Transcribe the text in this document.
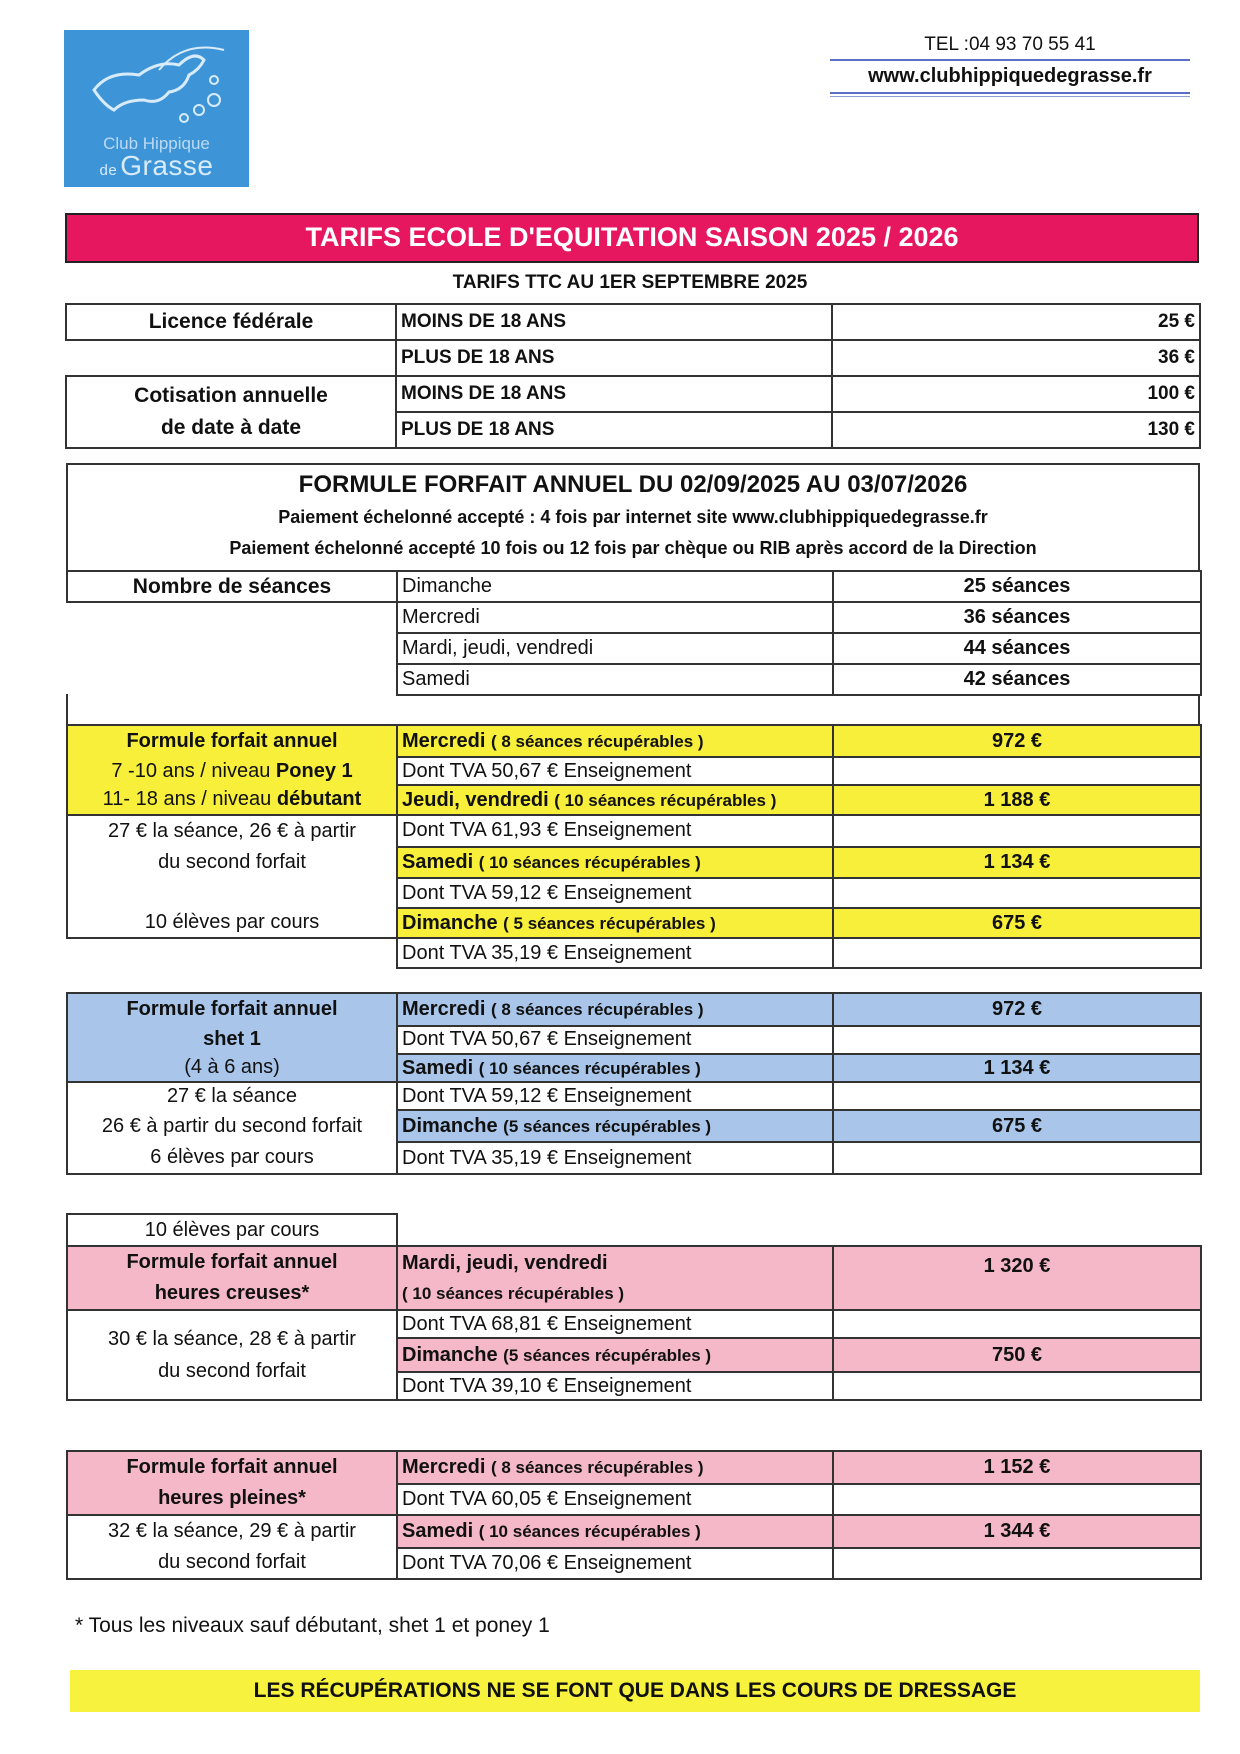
Club Hippique
de Grasse
TEL :04 93 70 55 41
www.clubhippiquedegrasse.fr
TARIFS ECOLE D'EQUITATION SAISON 2025 / 2026
TARIFS TTC AU 1ER SEPTEMBRE 2025
Licence fédérale	MOINS DE 18 ANS	25 €
	PLUS DE 18 ANS	36 €
Cotisation annuelle
de date à date	MOINS DE 18 ANS	100 €
	PLUS DE 18 ANS	130 €
FORMULE FORFAIT ANNUEL DU 02/09/2025 AU 03/07/2026
Paiement échelonné accepté : 4 fois par internet site www.clubhippiquedegrasse.fr
Paiement échelonné accepté 10 fois ou 12 fois par chèque ou RIB après accord de la Direction
Nombre de séances	Dimanche	25 séances
	Mercredi	36 séances
	Mardi, jeudi, vendredi	44 séances
	Samedi	42 séances
Formule forfait annuel	Mercredi ( 8 séances récupérables )	972 €
7 -10 ans / niveau Poney 1	Dont TVA 50,67 € Enseignement	
11- 18 ans / niveau débutant	Jeudi, vendredi ( 10 séances récupérables )	1 188 €
27 € la séance, 26 € à partir
du second forfait	Dont TVA 61,93 € Enseignement	
	Samedi ( 10 séances récupérables )	1 134 €
	Dont TVA 59,12 € Enseignement	
10 élèves par cours	Dimanche ( 5 séances récupérables )	675 €
	Dont TVA 35,19 € Enseignement	
Formule forfait annuel
shet 1	Mercredi ( 8 séances récupérables )	972 €
	Dont TVA 50,67 € Enseignement	
(4 à 6 ans)	Samedi ( 10 séances récupérables )	1 134 €
27 € la séance	Dont TVA 59,12 € Enseignement	
26 € à partir du second forfait	Dimanche (5 séances récupérables )	675 €
6 élèves par cours	Dont TVA 35,19 € Enseignement	
10 élèves par cours		
Formule forfait annuel
heures creuses*	Mardi, jeudi, vendredi
( 10 séances récupérables )	1 320 €
30 € la séance, 28 € à partir
du second forfait	Dont TVA 68,81 € Enseignement	
	Dimanche (5 séances récupérables )	750 €
	Dont TVA 39,10 € Enseignement	
Formule forfait annuel
heures pleines*	Mercredi ( 8 séances récupérables )	1 152 €
	Dont TVA 60,05 € Enseignement	
32 € la séance, 29 € à partir
du second forfait	Samedi ( 10 séances récupérables )	1 344 €
	Dont TVA 70,06 € Enseignement	
* Tous les niveaux sauf débutant, shet 1 et poney 1
LES RÉCUPÉRATIONS NE SE FONT QUE DANS LES COURS DE DRESSAGE
